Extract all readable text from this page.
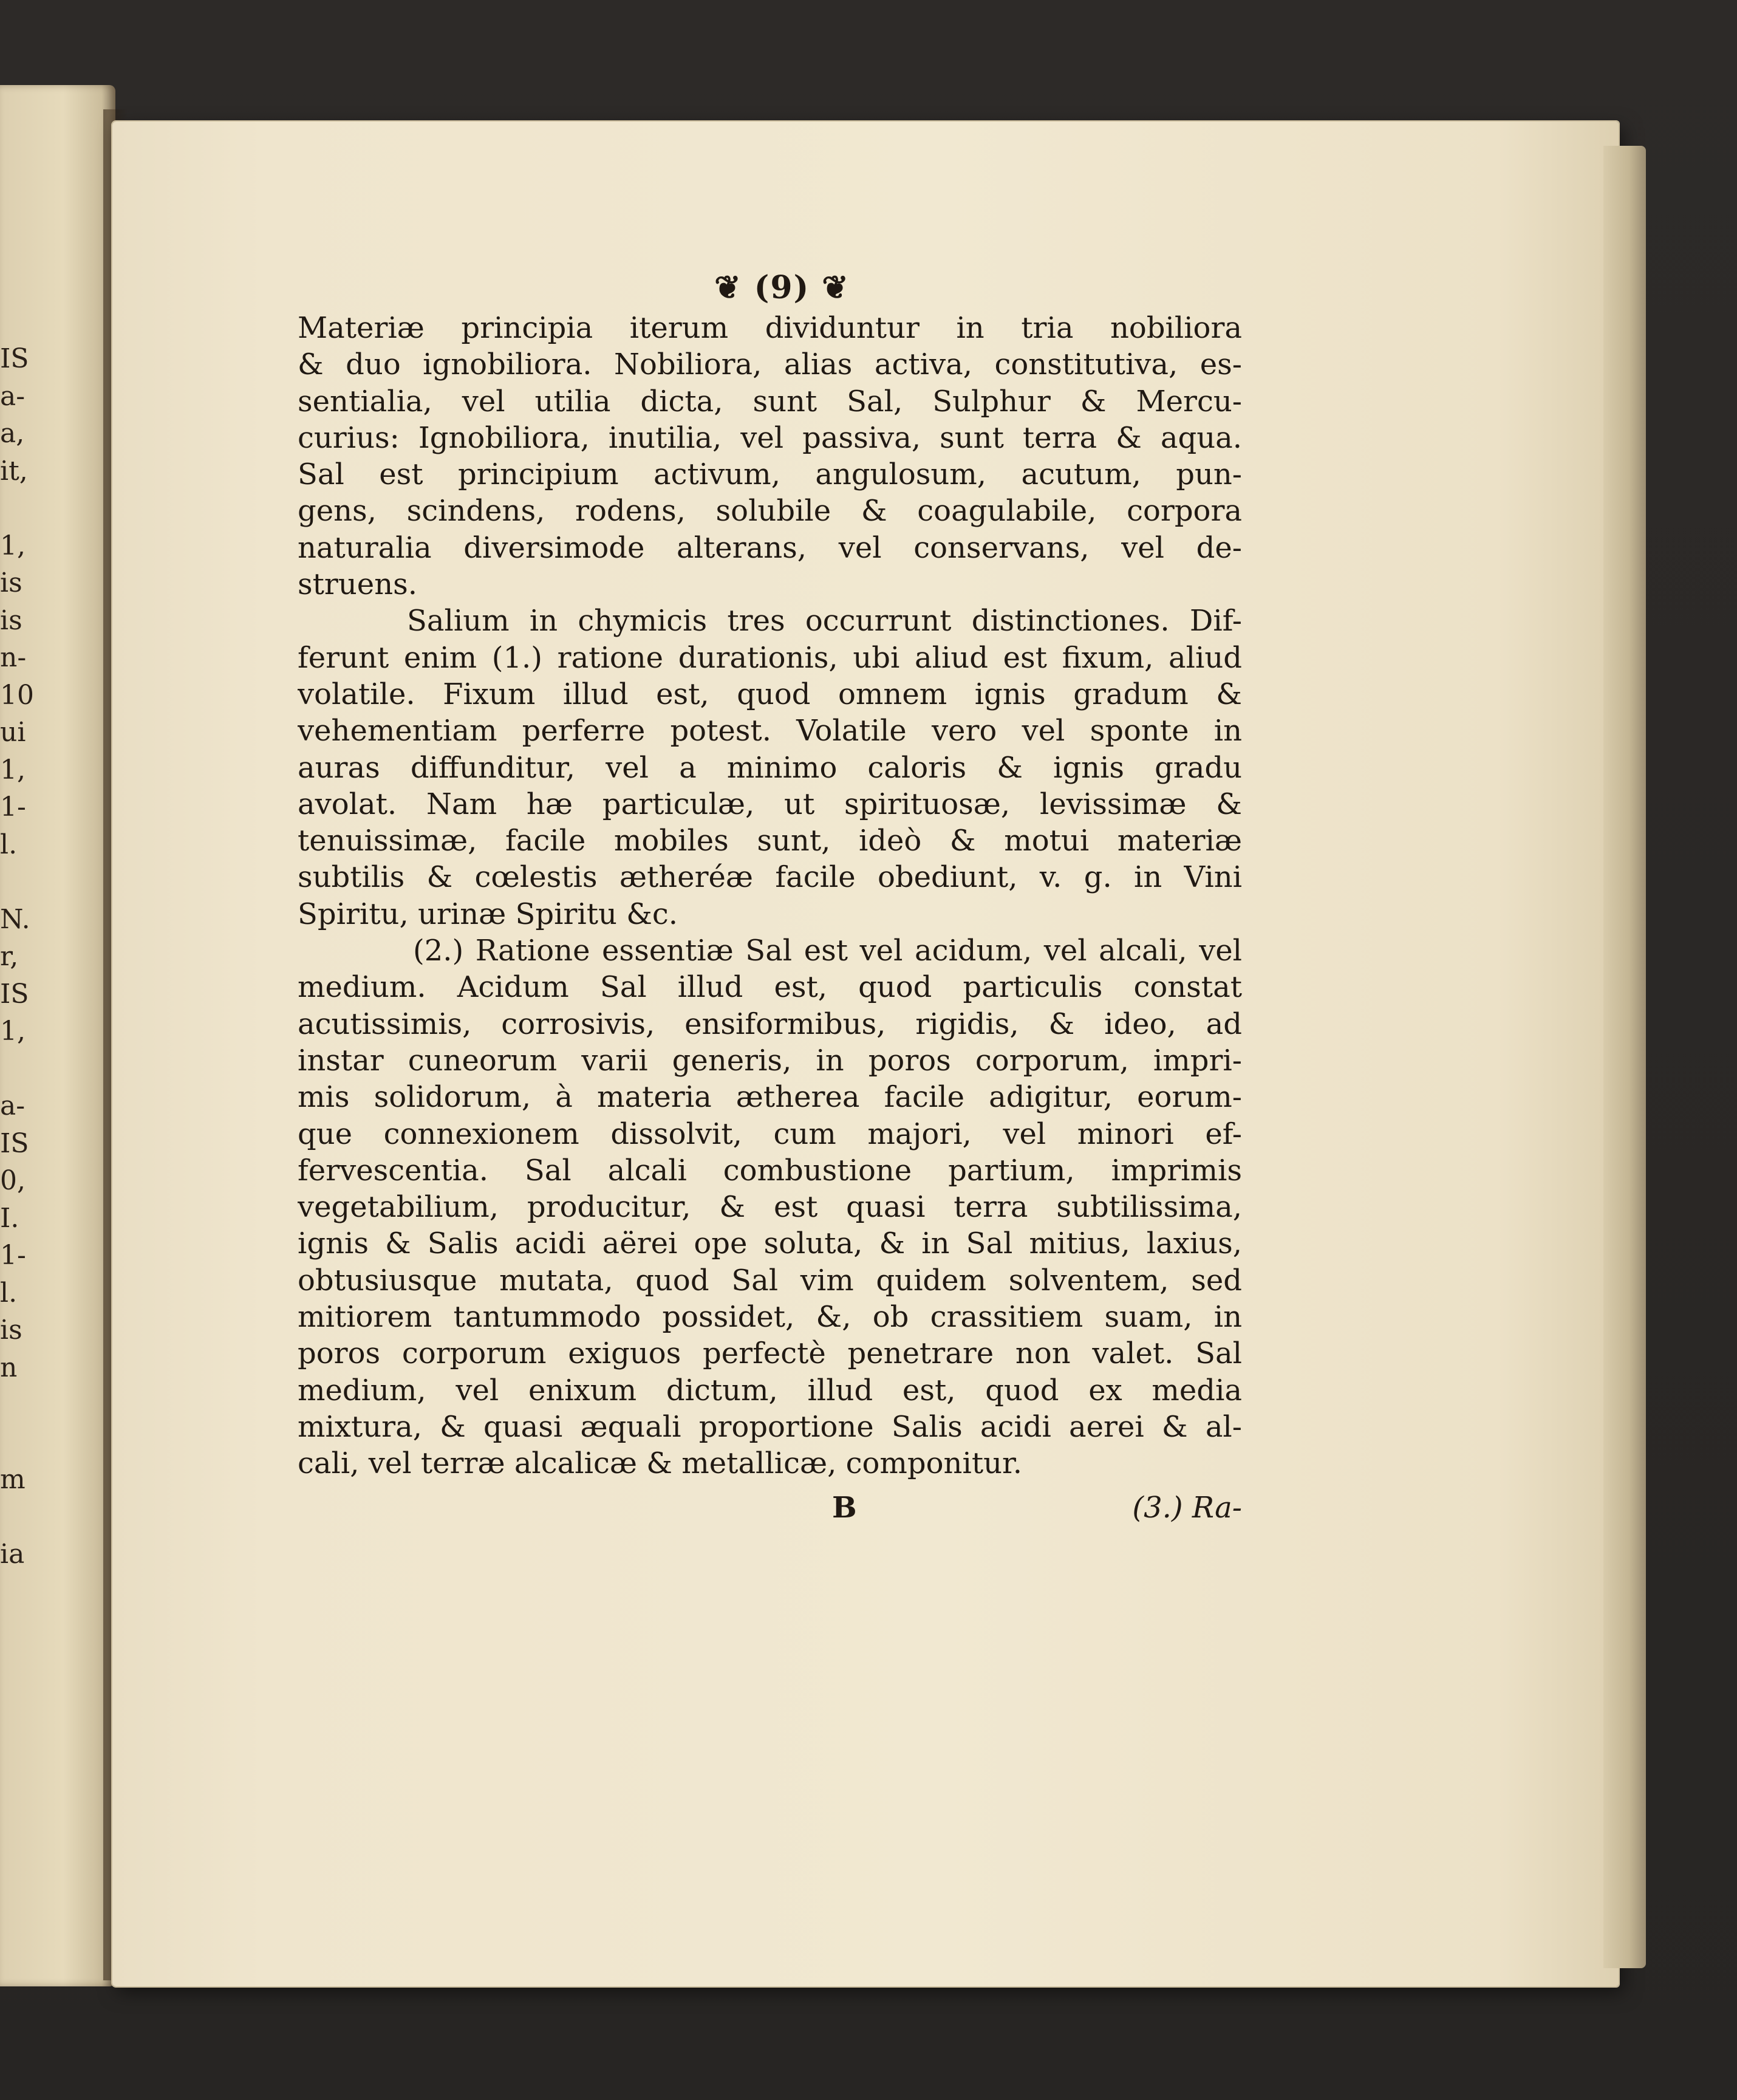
IS
a-
a,
it,
1,
is
is
n-
10
ui
1,
1-
l.
N.
r,
IS
1,
a-
IS
0,
I.
1-
l.
is
n
m
ia
❦ (9) ❦
Materiæ principia iterum dividuntur in tria nobiliora
& duo ignobiliora. Nobiliora, alias activa, constitutiva, es-
sentialia, vel utilia dicta, sunt Sal, Sulphur & Mercu-
curius: Ignobiliora, inutilia, vel passiva, sunt terra & aqua.
Sal est principium activum, angulosum, acutum, pun-
gens, scindens, rodens, solubile & coagulabile, corpora
naturalia diversimode alterans, vel conservans, vel de-
struens.
Salium in chymicis tres occurrunt distinctiones. Dif-
ferunt enim (1.) ratione durationis, ubi aliud est fixum, aliud
volatile. Fixum illud est, quod omnem ignis gradum &
vehementiam perferre potest. Volatile vero vel sponte in
auras diffunditur, vel a minimo caloris & ignis gradu
avolat. Nam hæ particulæ, ut spirituosæ, levissimæ &
tenuissimæ, facile mobiles sunt, ideò & motui materiæ
subtilis & cœlestis ætheréæ facile obediunt, v. g. in Vini
Spiritu, urinæ Spiritu &c.
(2.) Ratione essentiæ Sal est vel acidum, vel alcali, vel
medium. Acidum Sal illud est, quod particulis constat
acutissimis, corrosivis, ensiformibus, rigidis, & ideo, ad
instar cuneorum varii generis, in poros corporum, impri-
mis solidorum, à materia ætherea facile adigitur, eorum-
que connexionem dissolvit, cum majori, vel minori ef-
fervescentia. Sal alcali combustione partium, imprimis
vegetabilium, producitur, & est quasi terra subtilissima,
ignis & Salis acidi aërei ope soluta, & in Sal mitius, laxius,
obtusiusque mutata, quod Sal vim quidem solventem, sed
mitiorem tantummodo possidet, &, ob crassitiem suam, in
poros corporum exiguos perfectè penetrare non valet. Sal
medium, vel enixum dictum, illud est, quod ex media
mixtura, & quasi æquali proportione Salis acidi aerei & al-
cali, vel terræ alcalicæ & metallicæ, componitur.
B	(3.) Ra-
